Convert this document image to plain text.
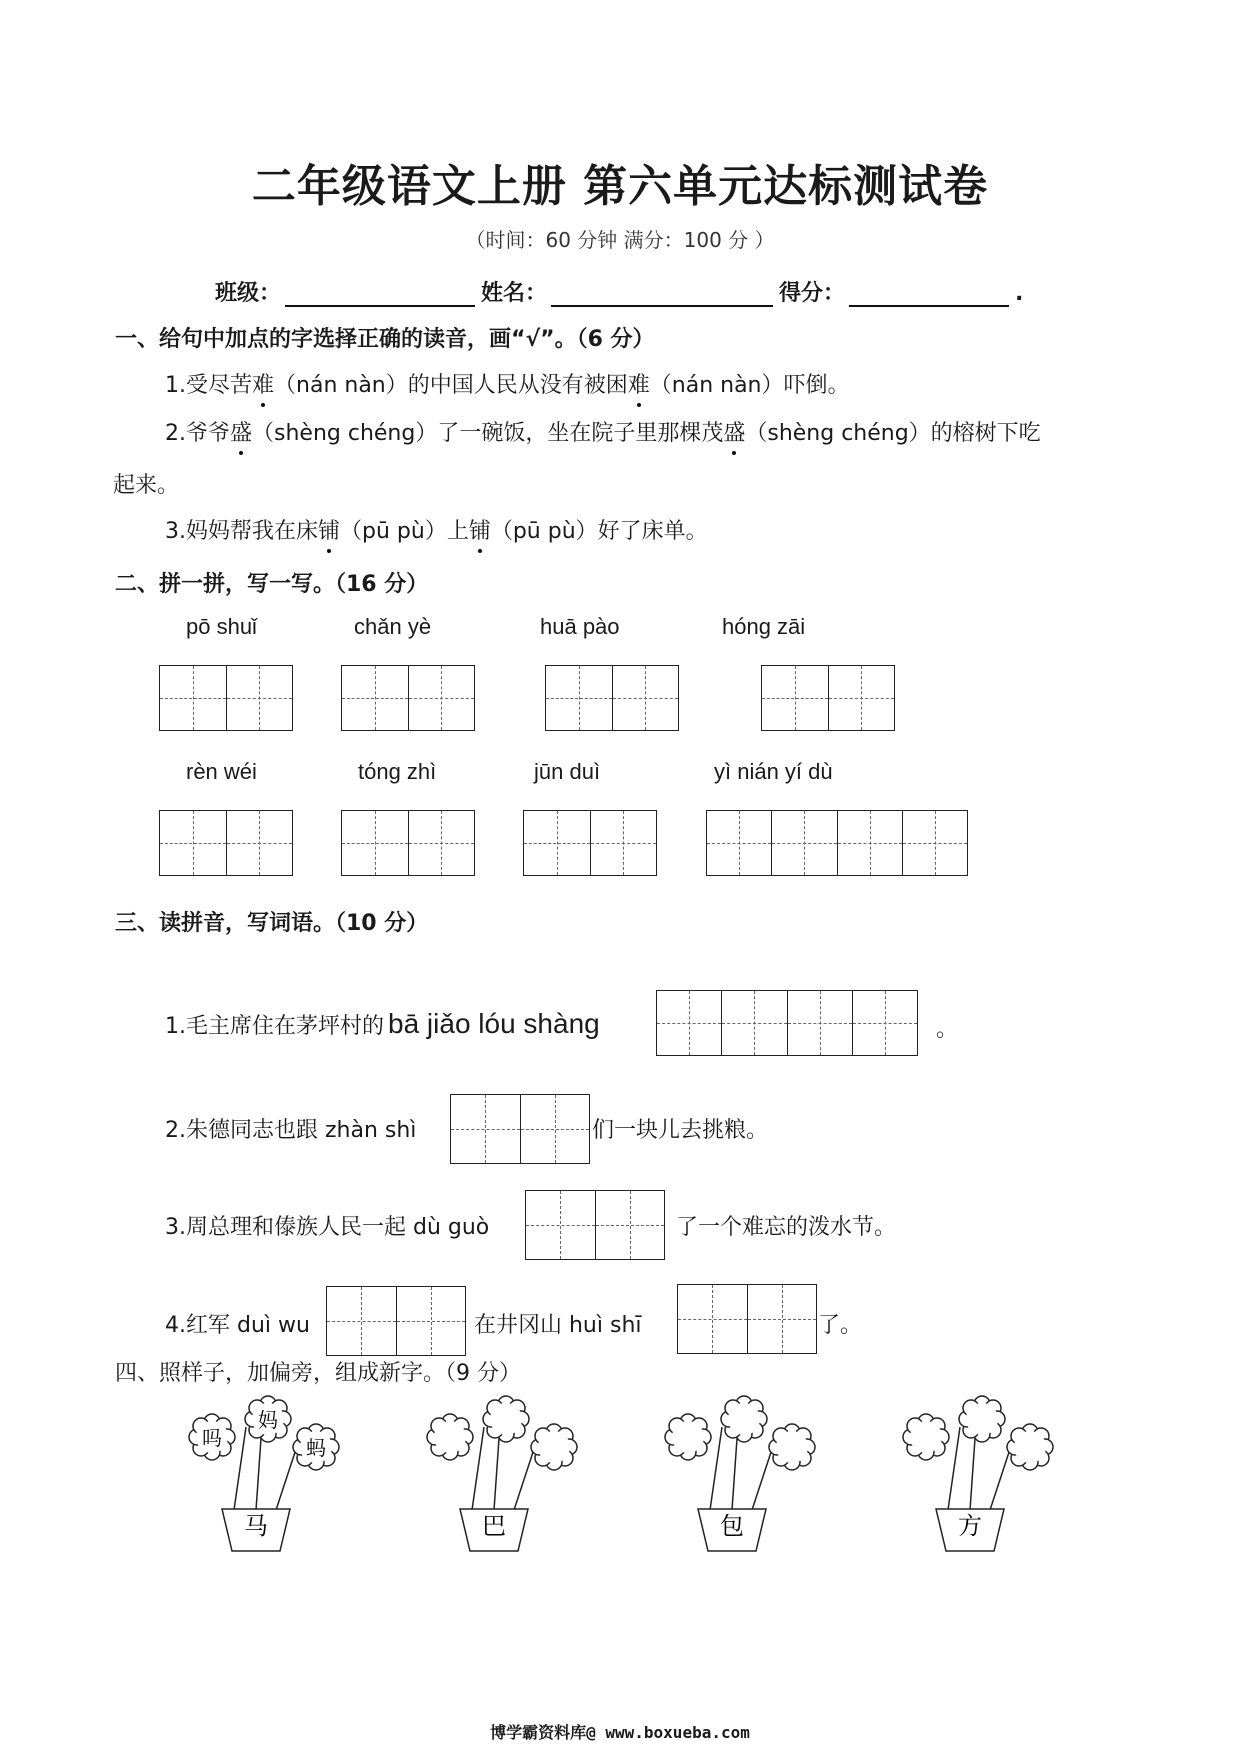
二年级语文上册 第六单元达标测试卷
（时间：60 分钟 满分：100 分 ）
班级：	姓名：	得分：	.
一、给句中加点的字选择正确的读音，画“√”。（6 分）
1.受尽苦难（nán nàn）的中国人民从没有被困难（nán nàn）吓倒。
2.爷爷盛（shèng chéng）了一碗饭，坐在院子里那棵茂盛（shèng chéng）的榕树下吃
起来。
3.妈妈帮我在床铺（pū pù）上铺（pū pù）好了床单。
二、拼一拼，写一写。（16 分）
pō shuǐ	chǎn yè	huā pào	hóng zāi
rèn wéi	tóng zhì	jūn duì	yì nián yí dù
三、读拼音，写词语。（10 分）
1.毛主席住在茅坪村的 bā jiǎo lóu shàng	。
2.朱德同志也跟 zhàn shì	们一块儿去挑粮。
3.周总理和傣族人民一起 dù guò	了一个难忘的泼水节。
4.红军 duì wu	在井冈山 huì shī	了。
四、照样子，加偏旁，组成新字。（9 分）
马	巴	包	方
吗
妈
蚂
博学霸资料库@ www.boxueba.com
